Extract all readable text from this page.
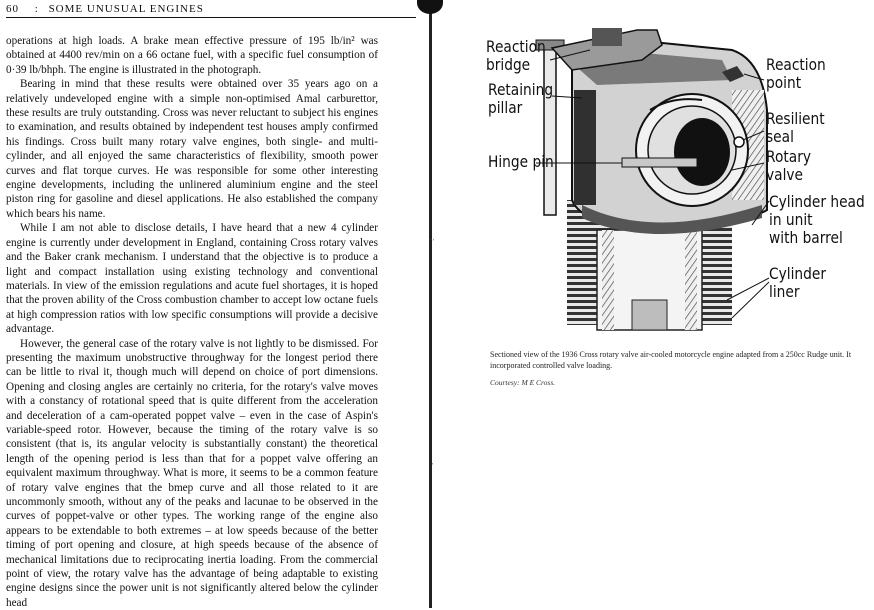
60 : SOME UNUSUAL ENGINES

operations at high loads. A brake mean effective pressure of 195 lb/in² was obtained at 4400 rev/min on a 66 octane fuel, with a specific fuel consumption of 0·39 lb/bhph. The engine is illustrated in the photograph.

Bearing in mind that these results were obtained over 35 years ago on a relatively undeveloped engine with a simple non-optimised Amal carburettor, these results are truly outstanding. Cross was never reluctant to subject his engines to examination, and results obtained by independent test houses amply confirmed his findings. Cross built many rotary valve engines, both single- and multi-cylinder, and all enjoyed the same characteristics of flexibility, smooth power curves and flat torque curves. He was responsible for some other interesting engine developments, including the unlinered aluminium engine and the steel piston ring for gasoline and diesel applications. He also established the company which bears his name.

While I am not able to disclose details, I have heard that a new 4 cylinder engine is currently under development in England, containing Cross rotary valves and the Baker crank mechanism. I understand that the objective is to produce a light and compact installation using existing technology and conventional materials. In view of the emission regulations and acute fuel shortages, it is hoped that the proven ability of the Cross combustion chamber to accept low octane fuels at high compression ratios with low specific consumptions will provide a decisive advantage.

However, the general case of the rotary valve is not lightly to be dismissed. For presenting the maximum unobstructive throughway for the longest period there can be little to rival it, though much will depend on choice of port dimensions. Opening and closing angles are certainly no criteria, for the rotary's valve moves with a constancy of rotational speed that is quite different from the acceleration and deceleration of a cam-operated poppet valve – even in the case of Aspin's variable-speed rotor. However, because the timing of the rotary valve is so consistent (that is, its angular velocity is substantially constant) the theoretical length of the opening period is less than that for a poppet valve offering an equivalent maximum throughway. What is more, it seems to be a common feature of rotary valve engines that the bmep curve and all those related to it are uncommonly smooth, without any of the peaks and lacunae to be observed in the curves of poppet-valve or other types. The working range of the engine also appears to be extendable to both extremes – at low speeds because of the better timing of port opening and closure, at high speeds because of the absence of mechanical limitations due to reciprocating inertia loading. From the commercial point of view, the rotary valve has the advantage of being adaptable to existing engine designs since the power unit is not significantly altered below the cylinder head

' '
'
Reaction
bridge
Retaining
pillar
Hinge pin
Reaction
point
Resilient
seal
Rotary
valve
Cylinder head
in unit
with barrel
Cylinder
liner
Sectioned view of the 1936 Cross rotary valve air-cooled motorcycle engine adapted from a 250cc Rudge unit. It incorporated controlled valve loading.
Courtesy: M E Cross.
